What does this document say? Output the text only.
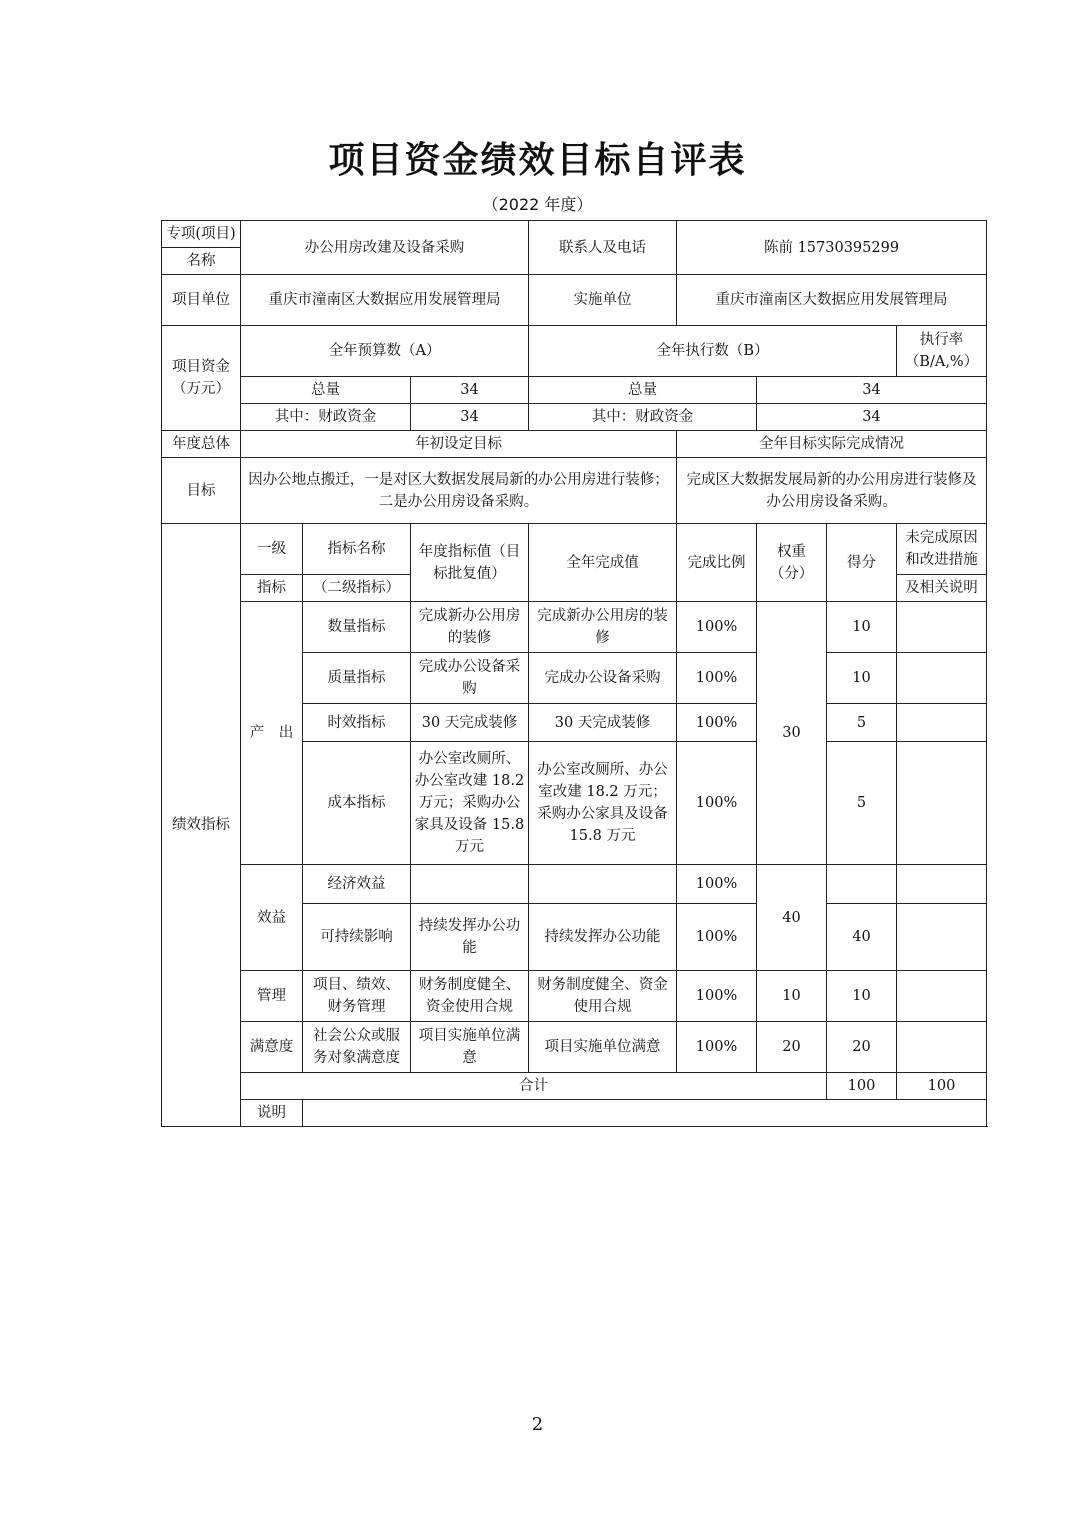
项目资金绩效目标自评表
（2022 年度）
专项(项目)	办公用房改建及设备采购			联系人及电话	陈前 15730395299				
名称									
项目单位	重庆市潼南区大数据应用发展管理局			实施单位	重庆市潼南区大数据应用发展管理局				
项目资金
（万元）	全年预算数（A）			全年执行数（B）				执行率（B/A,%）	
	总量		34	总量		34	
	其中：财政资金		34	其中：财政资金		34	
年度总体	年初设定目标				全年目标实际完成情况				
目标	因办公地点搬迁，一是对区大数据发展局新的办公用房进行装修；二是办公用房设备采购。				完成区大数据发展局新的办公用房进行装修及办公用房设备采购。				
绩效指标	一级	指标名称	年度指标值（目标批复值）	全年完成值	完成比例	权重（分）	得分	未完成原因和改进措施	
	指标	（二级指标）						及相关说明	
	产　出	数量指标	完成新办公用房的装修	完成新办公用房的装修	100%	30	10		
		质量指标	完成办公设备采购	完成办公设备采购	100%		10		
		时效指标	30 天完成装修	30 天完成装修	100%		5		
		成本指标	办公室改厕所、办公室改建 18.2 万元；采购办公家具及设备 15.8 万元	办公室改厕所、办公室改建 18.2 万元；采购办公家具及设备 15.8 万元	100%		5		
	效益	经济效益			100%	40			
		可持续影响	持续发挥办公功能	持续发挥办公功能	100%		40		
	管理	项目、绩效、财务管理	财务制度健全、资金使用合规	财务制度健全、资金使用合规	100%	10	10		
	满意度	社会公众或服务对象满意度	项目实施单位满意	项目实施单位满意	100%	20	20		
	合计						100	100	
	说明								
2
